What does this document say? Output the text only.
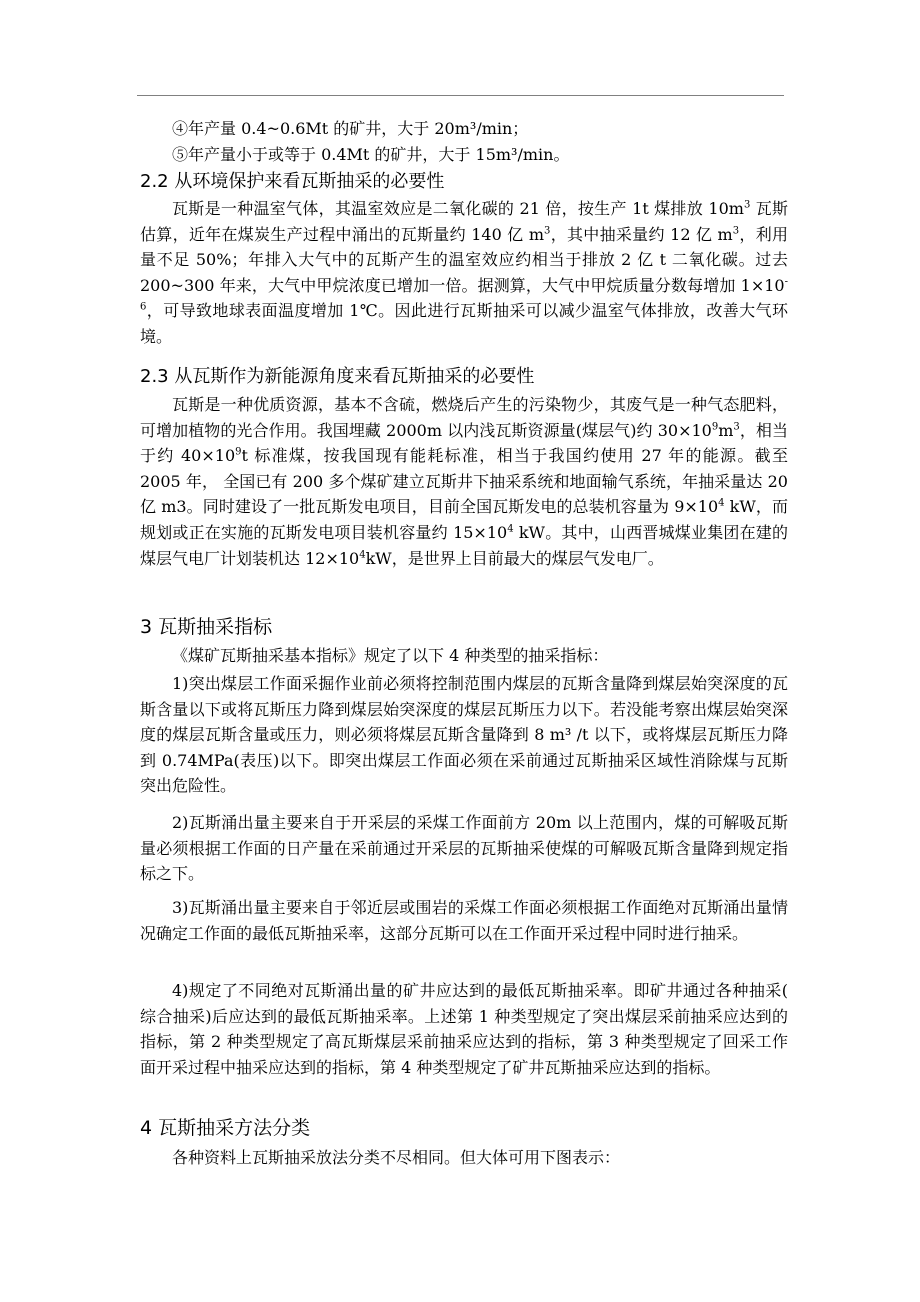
④年产量 0.4~0.6Mt 的矿井，大于 20m³/min；

⑤年产量小于或等于 0.4Mt 的矿井，大于 15m³/min。

2.2 从环境保护来看瓦斯抽采的必要性

瓦斯是一种温室气体，其温室效应是二氧化碳的 21 倍，按生产 1t 煤排放 $10m^3$ 瓦斯估算，近年在煤炭生产过程中涌出的瓦斯量约 140 亿 $m^3$，其中抽采量约 12 亿 $m^3$，利用量不足 50%；年排入大气中的瓦斯产生的温室效应约相当于排放 2 亿 t 二氧化碳。过去 200~300 年来，大气中甲烷浓度已增加一倍。据测算，大气中甲烷质量分数每增加 $1\times 10^{-6}$，可导致地球表面温度增加 1℃。因此进行瓦斯抽采可以减少温室气体排放，改善大气环境。

2.3 从瓦斯作为新能源角度来看瓦斯抽采的必要性

瓦斯是一种优质资源，基本不含硫，燃烧后产生的污染物少，其废气是一种气态肥料， 可增加植物的光合作用。我国埋藏 2000m 以内浅瓦斯资源量(煤层气)约 $30\times 10^9m^3$，相当于约 $40\times 10^9t$ 标准煤，按我国现有能耗标准，相当于我国约使用 27 年的能源。截至 2005 年， 全国已有 200 多个煤矿建立瓦斯井下抽采系统和地面输气系统，年抽采量达 20 亿 m3。同时建设了一批瓦斯发电项目，目前全国瓦斯发电的总装机容量为 $9\times 10^4$ kW，而规划或正在实施的瓦斯发电项目装机容量约 $15\times 10^4$ kW。其中，山西晋城煤业集团在建的煤层气电厂计划装机达 $12\times 10^4kW$，是世界上目前最大的煤层气发电厂。

3 瓦斯抽采指标

《煤矿瓦斯抽采基本指标》规定了以下 4 种类型的抽采指标：

1)突出煤层工作面采掘作业前必须将控制范围内煤层的瓦斯含量降到煤层始突深度的瓦斯含量以下或将瓦斯压力降到煤层始突深度的煤层瓦斯压力以下。若没能考察出煤层始突深度的煤层瓦斯含量或压力，则必须将煤层瓦斯含量降到 8 m³ /t 以下，或将煤层瓦斯压力降到 0.74MPa(表压)以下。即突出煤层工作面必须在采前通过瓦斯抽采区域性消除煤与瓦斯突出危险性。

2)瓦斯涌出量主要来自于开采层的采煤工作面前方 20m 以上范围内，煤的可解吸瓦斯量必须根据工作面的日产量在采前通过开采层的瓦斯抽采使煤的可解吸瓦斯含量降到规定指标之下。

3)瓦斯涌出量主要来自于邻近层或围岩的采煤工作面必须根据工作面绝对瓦斯涌出量情况确定工作面的最低瓦斯抽采率，这部分瓦斯可以在工作面开采过程中同时进行抽采。

4)规定了不同绝对瓦斯涌出量的矿井应达到的最低瓦斯抽采率。即矿井通过各种抽采( 综合抽采)后应达到的最低瓦斯抽采率。上述第 1 种类型规定了突出煤层采前抽采应达到的指标，第 2 种类型规定了高瓦斯煤层采前抽采应达到的指标，第 3 种类型规定了回采工作面开采过程中抽采应达到的指标，第 4 种类型规定了矿井瓦斯抽采应达到的指标。

4 瓦斯抽采方法分类

各种资料上瓦斯抽采放法分类不尽相同。但大体可用下图表示：
